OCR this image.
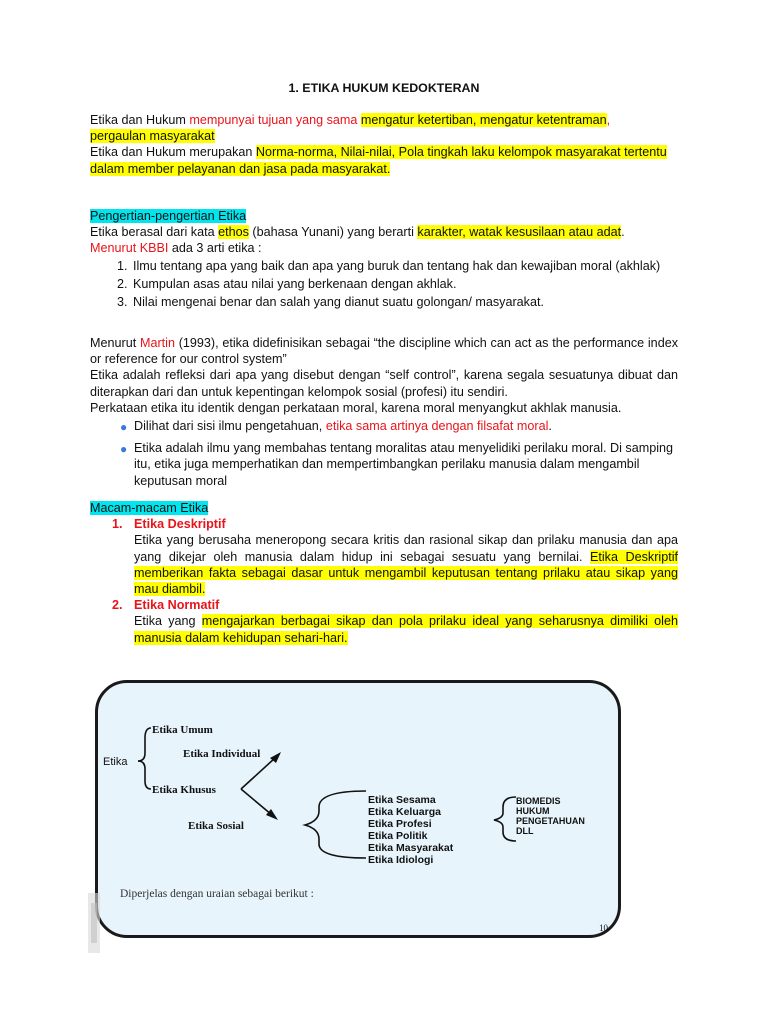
1. ETIKA HUKUM KEDOKTERAN

Etika dan Hukum mempunyai tujuan yang sama mengatur ketertiban, mengatur ketentraman,
pergaulan masyarakat

Etika dan Hukum merupakan Norma-norma, Nilai-nilai, Pola tingkah laku kelompok masyarakat tertentu dalam member pelayanan dan jasa pada masyarakat.

Pengertian-pengertian Etika

Etika berasal dari kata ethos (bahasa Yunani) yang berarti karakter, watak kesusilaan atau adat.

Menurut KBBI ada 3 arti etika :

1. Ilmu tentang apa yang baik dan apa yang buruk dan tentang hak dan kewajiban moral (akhlak)
2. Kumpulan asas atau nilai yang berkenaan dengan akhlak.
3. Nilai mengenai benar dan salah yang dianut suatu golongan/ masyarakat.

Menurut Martin (1993), etika didefinisikan sebagai “the discipline which can act as the performance index or reference for our control system”

Etika adalah refleksi dari apa yang disebut dengan “self control”, karena segala sesuatunya dibuat dan diterapkan dari dan untuk kepentingan kelompok sosial (profesi) itu sendiri.

Perkataan etika itu identik dengan perkataan moral, karena moral menyangkut akhlak manusia.

● Dilihat dari sisi ilmu pengetahuan, etika sama artinya dengan filsafat moral.
● Etika adalah ilmu yang membahas tentang moralitas atau menyelidiki perilaku moral. Di samping itu, etika juga memperhatikan dan mempertimbangkan perilaku manusia dalam mengambil keputusan moral

Macam-macam Etika

1. Etika Deskriptif
Etika yang berusaha meneropong secara kritis dan rasional sikap dan prilaku manusia dan apa yang dikejar oleh manusia dalam hidup ini sebagai sesuatu yang bernilai. Etika Deskriptif memberikan fakta sebagai dasar untuk mengambil keputusan tentang prilaku atau sikap yang mau diambil.
2. Etika Normatif
Etika yang mengajarkan berbagai sikap dan pola prilaku ideal yang seharusnya dimiliki oleh manusia dalam kehidupan sehari-hari.
Etika
Etika Umum
Etika Individual
Etika Khusus
Etika Sosial
Etika Sesama
Etika Keluarga
Etika Profesi
Etika Politik
Etika Masyarakat
Etika Idiologi
BIOMEDIS
HUKUM
PENGETAHUAN
DLL
Diperjelas dengan uraian sebagai berikut :
10
